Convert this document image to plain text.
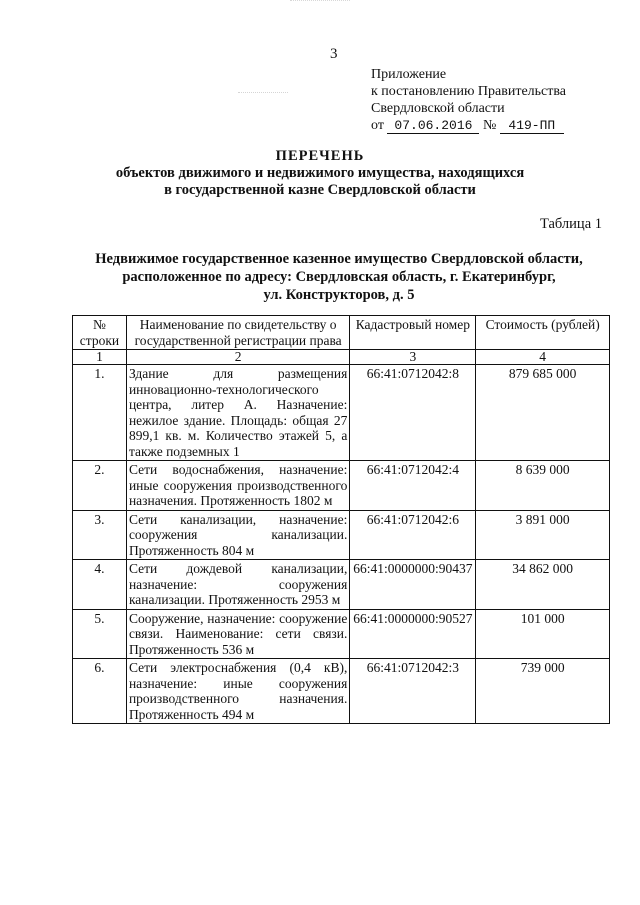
3
Приложение
к постановлению Правительства
Свердловской области
от 07.06.2016 № 419-ПП
ПЕРЕЧЕНЬ
объектов движимого и недвижимого имущества, находящихся
в государственной казне Свердловской области
Таблица 1
Недвижимое государственное казенное имущество Свердловской области,
расположенное по адресу: Свердловская область, г. Екатеринбург,
ул. Конструкторов, д. 5
№ строки	Наименование по свидетельству о государственной регистрации права	Кадастровый номер	Стоимость (рублей)
1	2	3	4
1.	Здание для размещения инновационно-технологического центра, литер А. Назначение: нежилое здание. Площадь: общая 27 899,1 кв. м. Количество этажей 5, а также подземных 1	66:41:0712042:8	879 685 000
2.	Сети водоснабжения, назначение: иные сооружения производственного назначения. Протяженность 1802 м	66:41:0712042:4	8 639 000
3.	Сети канализации, назначение: сооружения канализации. Протяженность 804 м	66:41:0712042:6	3 891 000
4.	Сети дождевой канализации, назначение: сооружения канализации. Протяженность 2953 м	66:41:0000000:90437	34 862 000
5.	Сооружение, назначение: сооружение связи. Наименование: сети связи. Протяженность 536 м	66:41:0000000:90527	101 000
6.	Сети электроснабжения (0,4 кВ), назначение: иные сооружения производственного назначения. Протяженность 494 м	66:41:0712042:3	739 000
